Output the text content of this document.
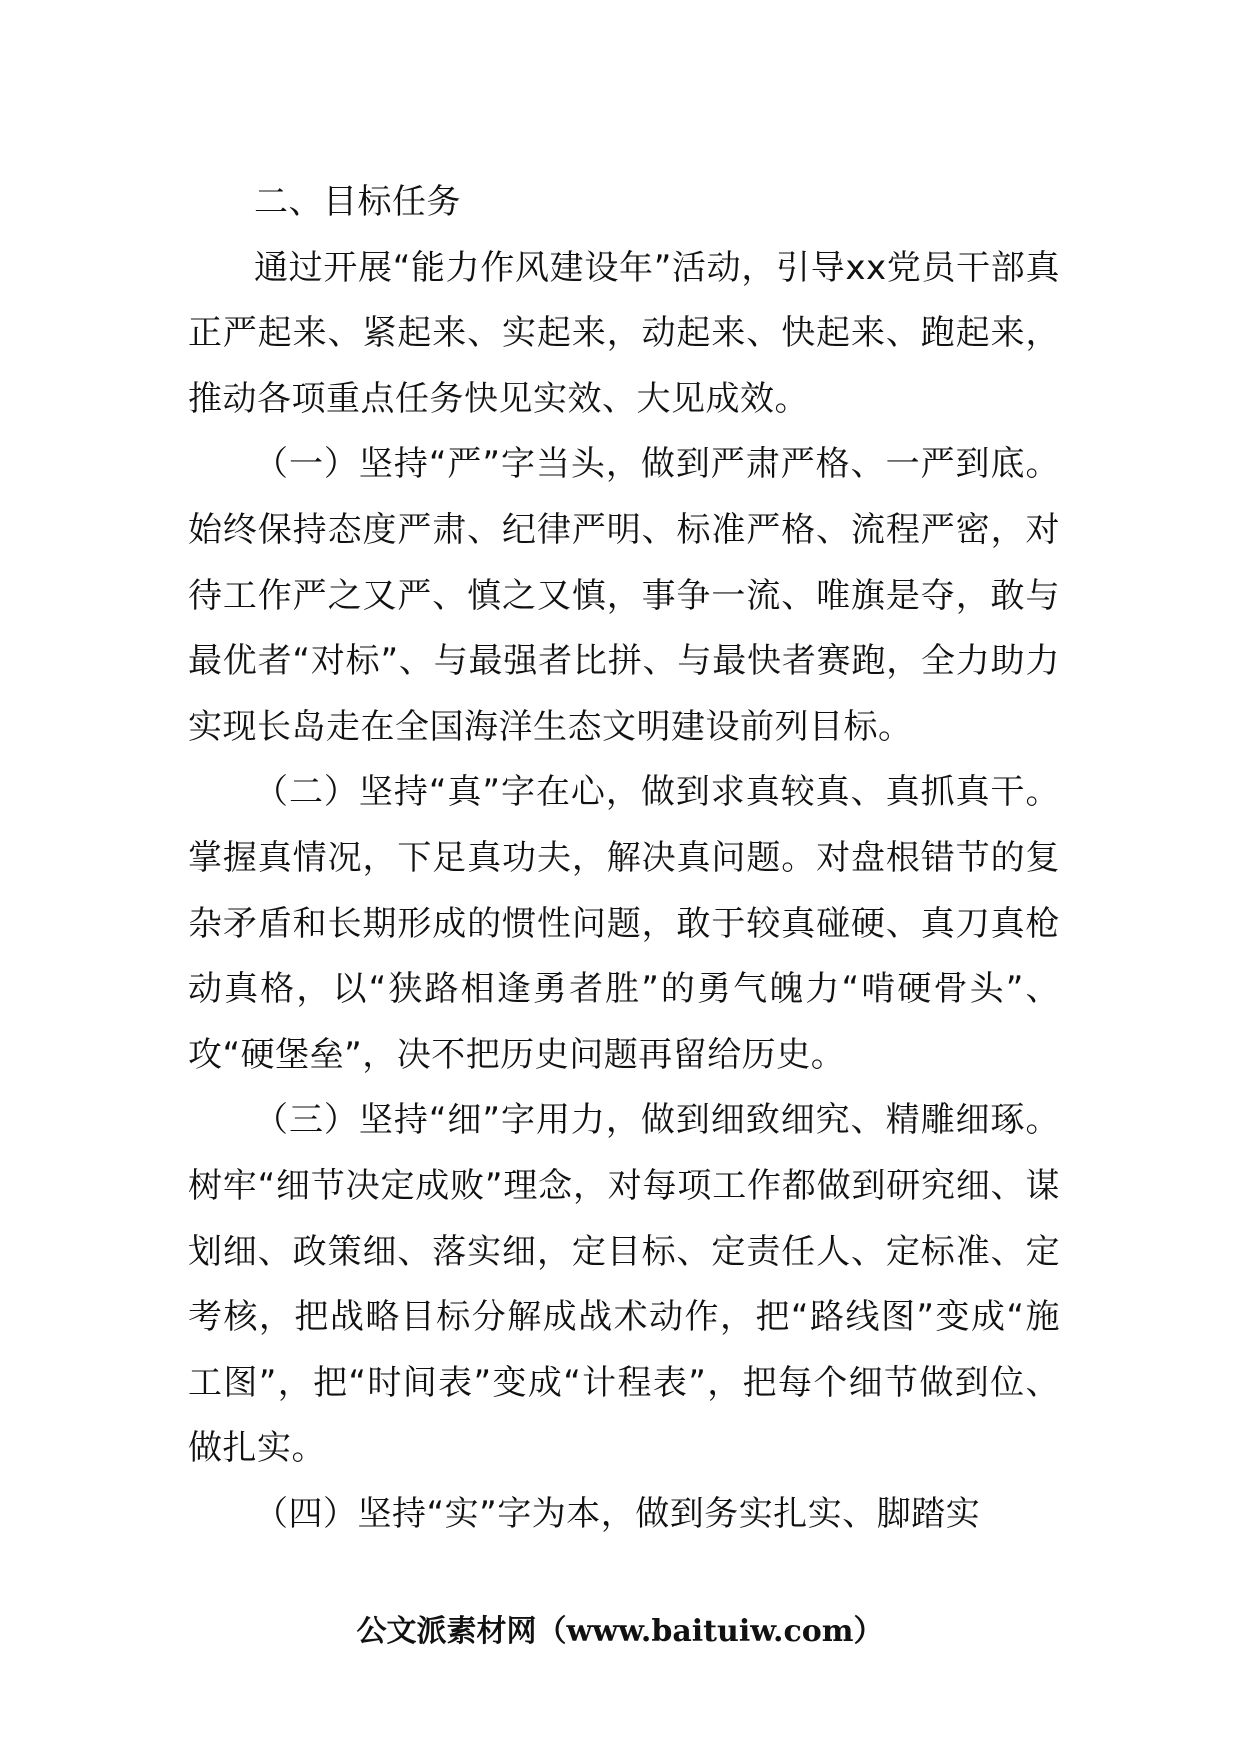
二、目标任务

通过开展“能力作风建设年”活动，引导xx党员干部真正严起来、紧起来、实起来，动起来、快起来、跑起来，推动各项重点任务快见实效、大见成效。

（一）坚持“严”字当头，做到严肃严格、一严到底。始终保持态度严肃、纪律严明、标准严格、流程严密，对待工作严之又严、慎之又慎，事争一流、唯旗是夺，敢与最优者“对标”、与最强者比拼、与最快者赛跑，全力助力实现长岛走在全国海洋生态文明建设前列目标。

（二）坚持“真”字在心，做到求真较真、真抓真干。掌握真情况，下足真功夫，解决真问题。对盘根错节的复杂矛盾和长期形成的惯性问题，敢于较真碰硬、真刀真枪动真格，以“狭路相逢勇者胜”的勇气魄力“啃硬骨头”、攻“硬堡垒”，决不把历史问题再留给历史。

（三）坚持“细”字用力，做到细致细究、精雕细琢。树牢“细节决定成败”理念，对每项工作都做到研究细、谋划细、政策细、落实细，定目标、定责任人、定标准、定考核，把战略目标分解成战术动作，把“路线图”变成“施工图”，把“时间表”变成“计程表”，把每个细节做到位、做扎实。

（四）坚持“实”字为本，做到务实扎实、脚踏实

公文派素材网（www.baituiw.com）
